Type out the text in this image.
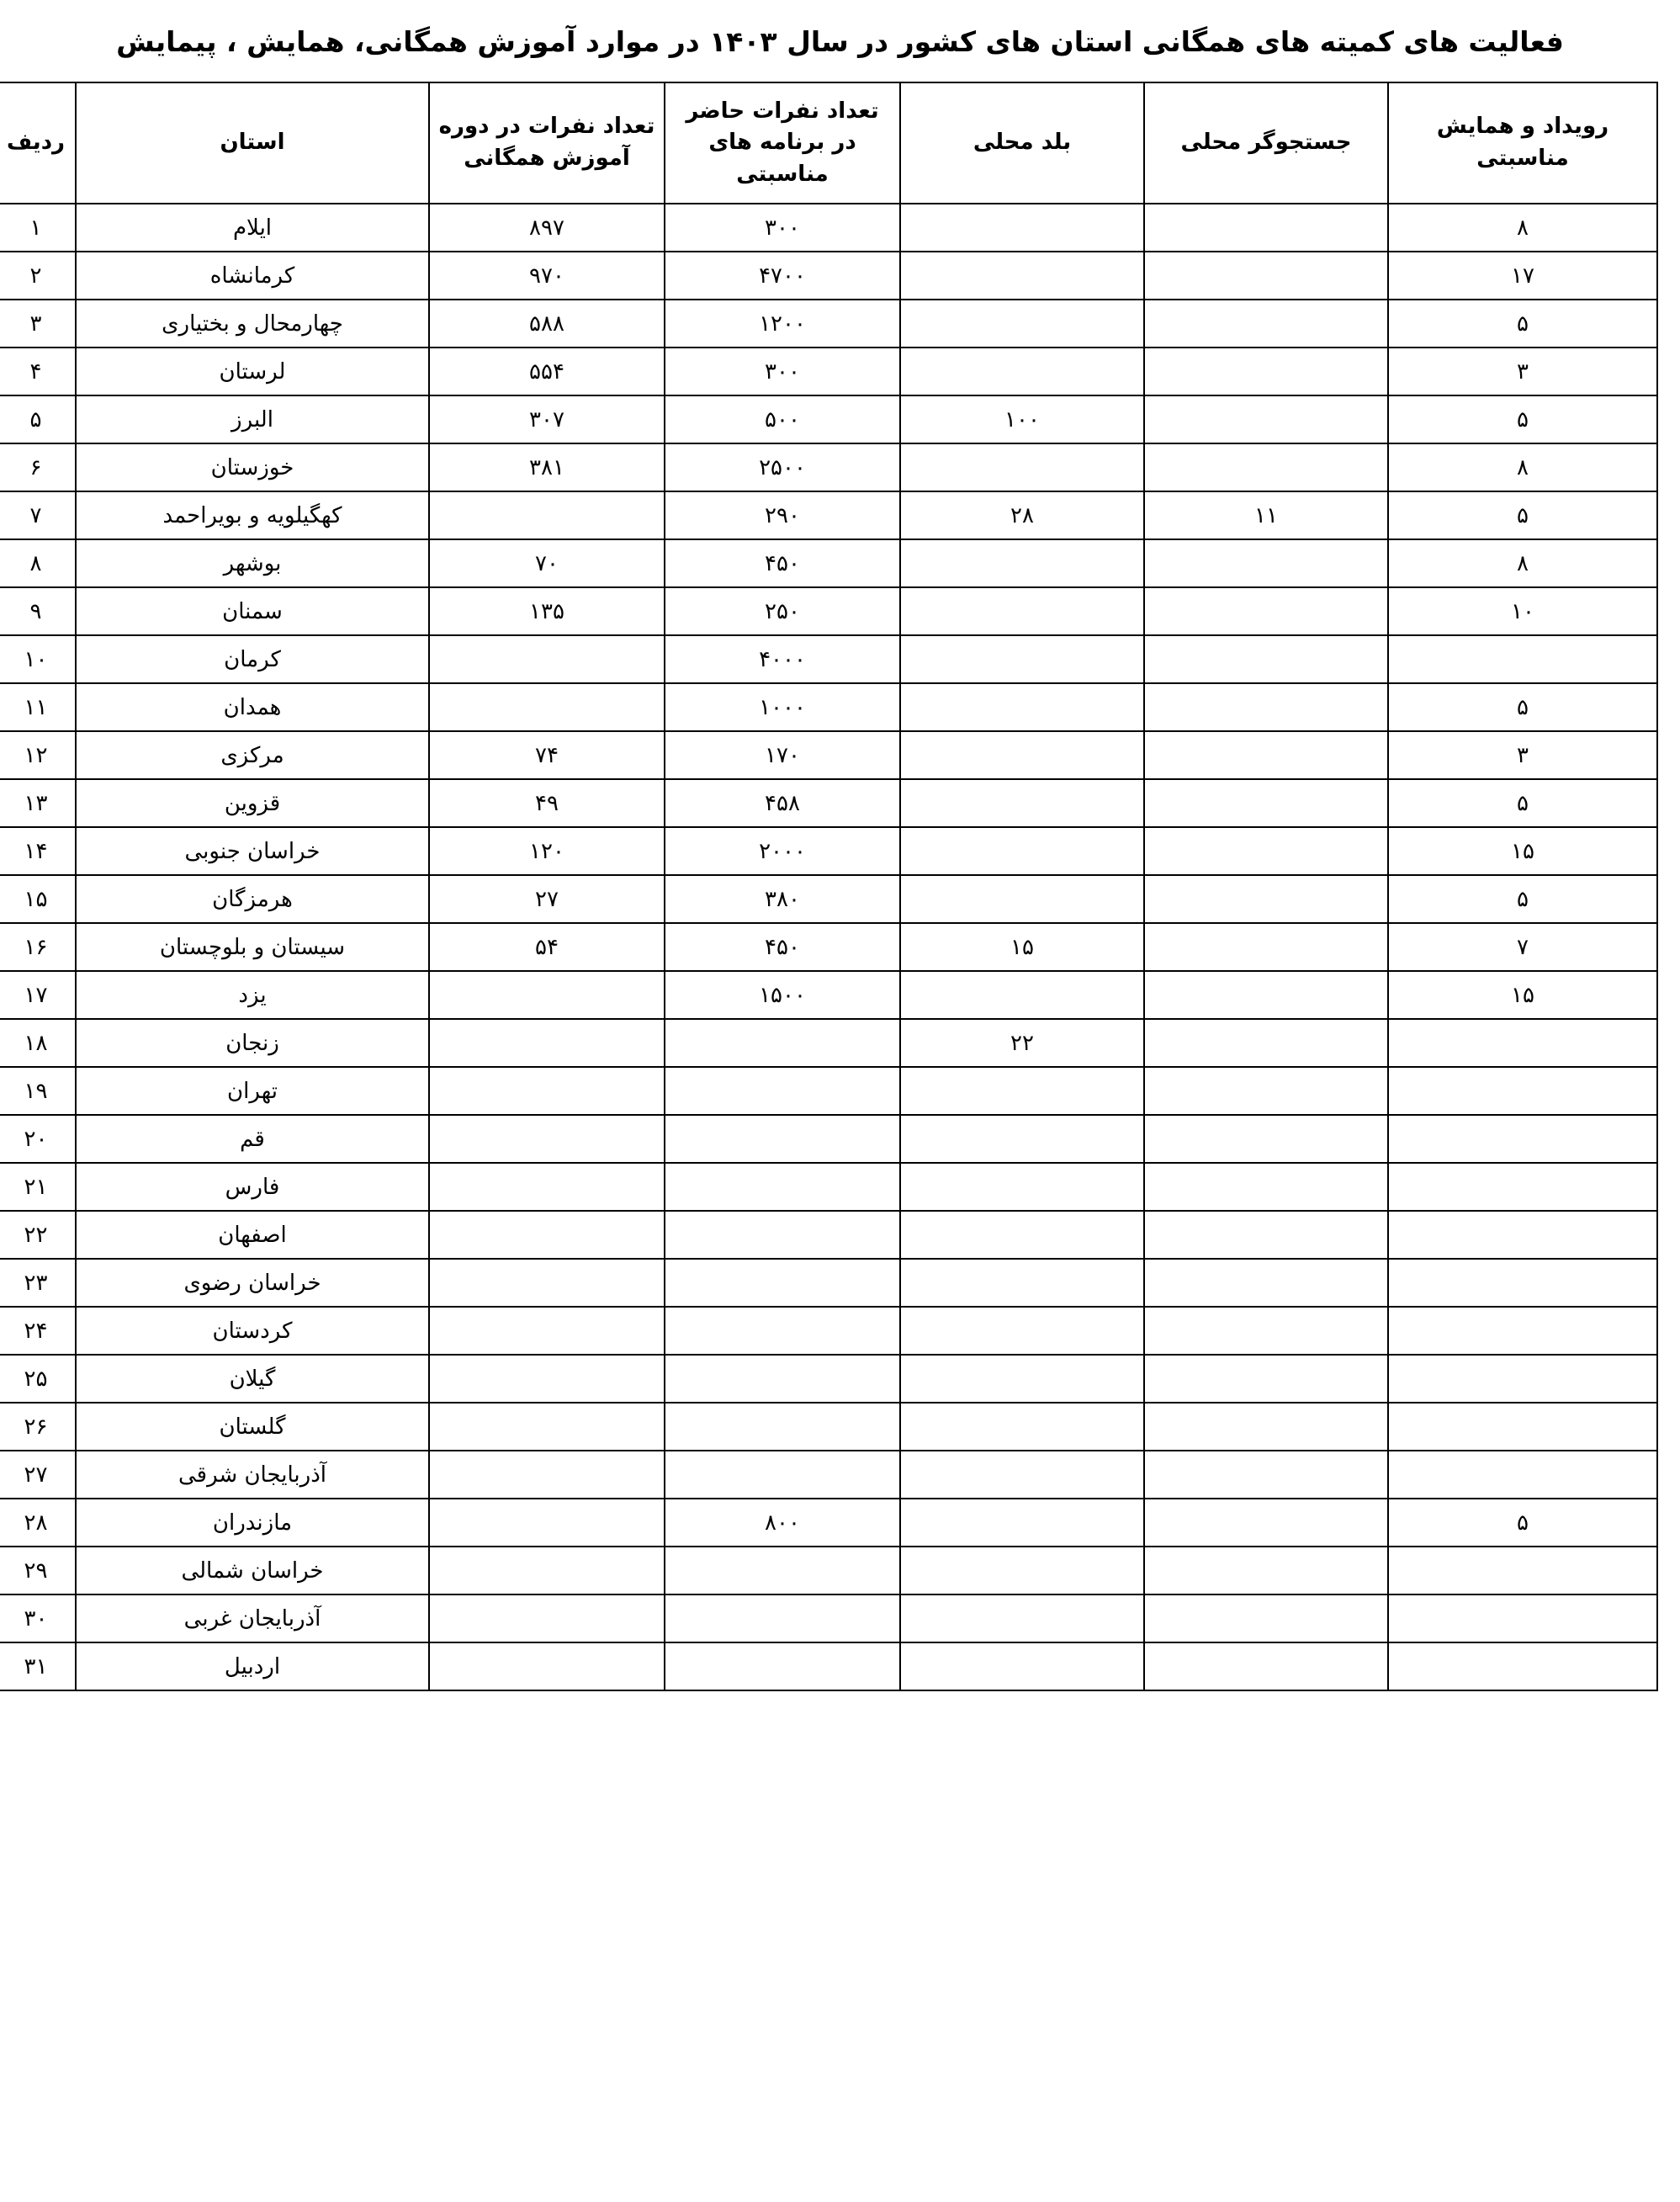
فعالیت های کمیته های همگانی استان های کشور در سال ۱۴۰۳ در موارد آموزش همگانی، همایش ، پیمایش
رویداد و همایش مناسبتی	جستجوگر محلی	بلد محلی	تعداد نفرات حاضر در برنامه های مناسبتی	تعداد نفرات در دوره آموزش همگانی	استان	ردیف
۸			۳۰۰	۸۹۷	ایلام	۱
۱۷			۴۷۰۰	۹۷۰	کرمانشاه	۲
۵			۱۲۰۰	۵۸۸	چهارمحال و بختیاری	۳
۳			۳۰۰	۵۵۴	لرستان	۴
۵		۱۰۰	۵۰۰	۳۰۷	البرز	۵
۸			۲۵۰۰	۳۸۱	خوزستان	۶
۵	۱۱	۲۸	۲۹۰		کهگیلویه و بویراحمد	۷
۸			۴۵۰	۷۰	بوشهر	۸
۱۰			۲۵۰	۱۳۵	سمنان	۹
			۴۰۰۰		کرمان	۱۰
۵			۱۰۰۰		همدان	۱۱
۳			۱۷۰	۷۴	مرکزی	۱۲
۵			۴۵۸	۴۹	قزوین	۱۳
۱۵			۲۰۰۰	۱۲۰	خراسان جنوبی	۱۴
۵			۳۸۰	۲۷	هرمزگان	۱۵
۷		۱۵	۴۵۰	۵۴	سیستان و بلوچستان	۱۶
۱۵			۱۵۰۰		یزد	۱۷
		۲۲			زنجان	۱۸
					تهران	۱۹
					قم	۲۰
					فارس	۲۱
					اصفهان	۲۲
					خراسان رضوی	۲۳
					کردستان	۲۴
					گیلان	۲۵
					گلستان	۲۶
					آذربایجان شرقی	۲۷
۵			۸۰۰		مازندران	۲۸
					خراسان شمالی	۲۹
					آذربایجان غربی	۳۰
					اردبیل	۳۱
